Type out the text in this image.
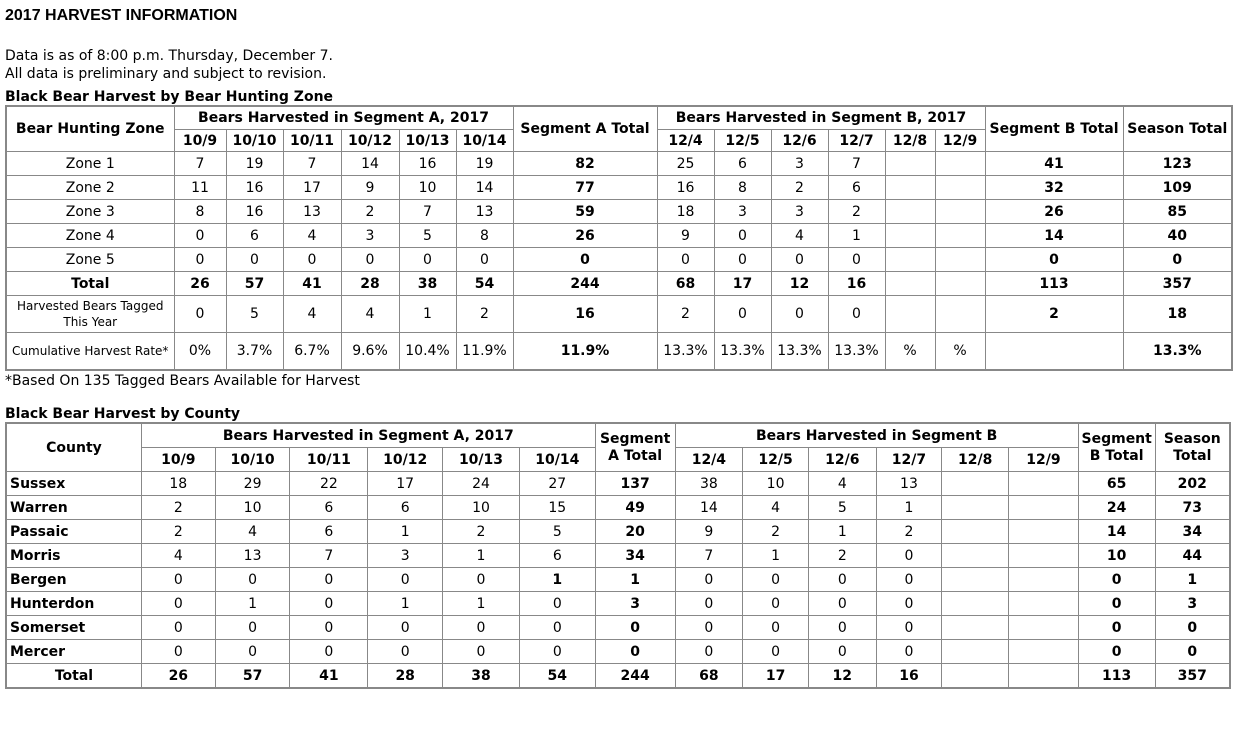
2017 HARVEST INFORMATION
Data is as of 8:00 p.m. Thursday, December 7.
All data is preliminary and subject to revision.
Black Bear Harvest by Bear Hunting Zone
Bear Hunting Zone	Bears Harvested in Segment A, 2017						Segment A Total	Bears Harvested in Segment B, 2017						Segment B Total	Season Total
	10/9	10/10	10/11	10/12	10/13	10/14		12/4	12/5	12/6	12/7	12/8	12/9		
Zone 1	7	19	7	14	16	19	82	25	6	3	7			41	123
Zone 2	11	16	17	9	10	14	77	16	8	2	6			32	109
Zone 3	8	16	13	2	7	13	59	18	3	3	2			26	85
Zone 4	0	6	4	3	5	8	26	9	0	4	1			14	40
Zone 5	0	0	0	0	0	0	0	0	0	0	0			0	0
Total	26	57	41	28	38	54	244	68	17	12	16			113	357
Harvested Bears Tagged This Year	0	5	4	4	1	2	16	2	0	0	0			2	18
Cumulative Harvest Rate*	0%	3.7%	6.7%	9.6%	10.4%	11.9%	11.9%	13.3%	13.3%	13.3%	13.3%	%	%		13.3%
*Based On 135 Tagged Bears Available for Harvest
Black Bear Harvest by County
County	Bears Harvested in Segment A, 2017						Segment A Total	Bears Harvested in Segment B						Segment B Total	Season Total
	10/9	10/10	10/11	10/12	10/13	10/14		12/4	12/5	12/6	12/7	12/8	12/9		
Sussex	18	29	22	17	24	27	137	38	10	4	13			65	202
Warren	2	10	6	6	10	15	49	14	4	5	1			24	73
Passaic	2	4	6	1	2	5	20	9	2	1	2			14	34
Morris	4	13	7	3	1	6	34	7	1	2	0			10	44
Bergen	0	0	0	0	0	1	1	0	0	0	0			0	1
Hunterdon	0	1	0	1	1	0	3	0	0	0	0			0	3
Somerset	0	0	0	0	0	0	0	0	0	0	0			0	0
Mercer	0	0	0	0	0	0	0	0	0	0	0			0	0
Total	26	57	41	28	38	54	244	68	17	12	16			113	357
